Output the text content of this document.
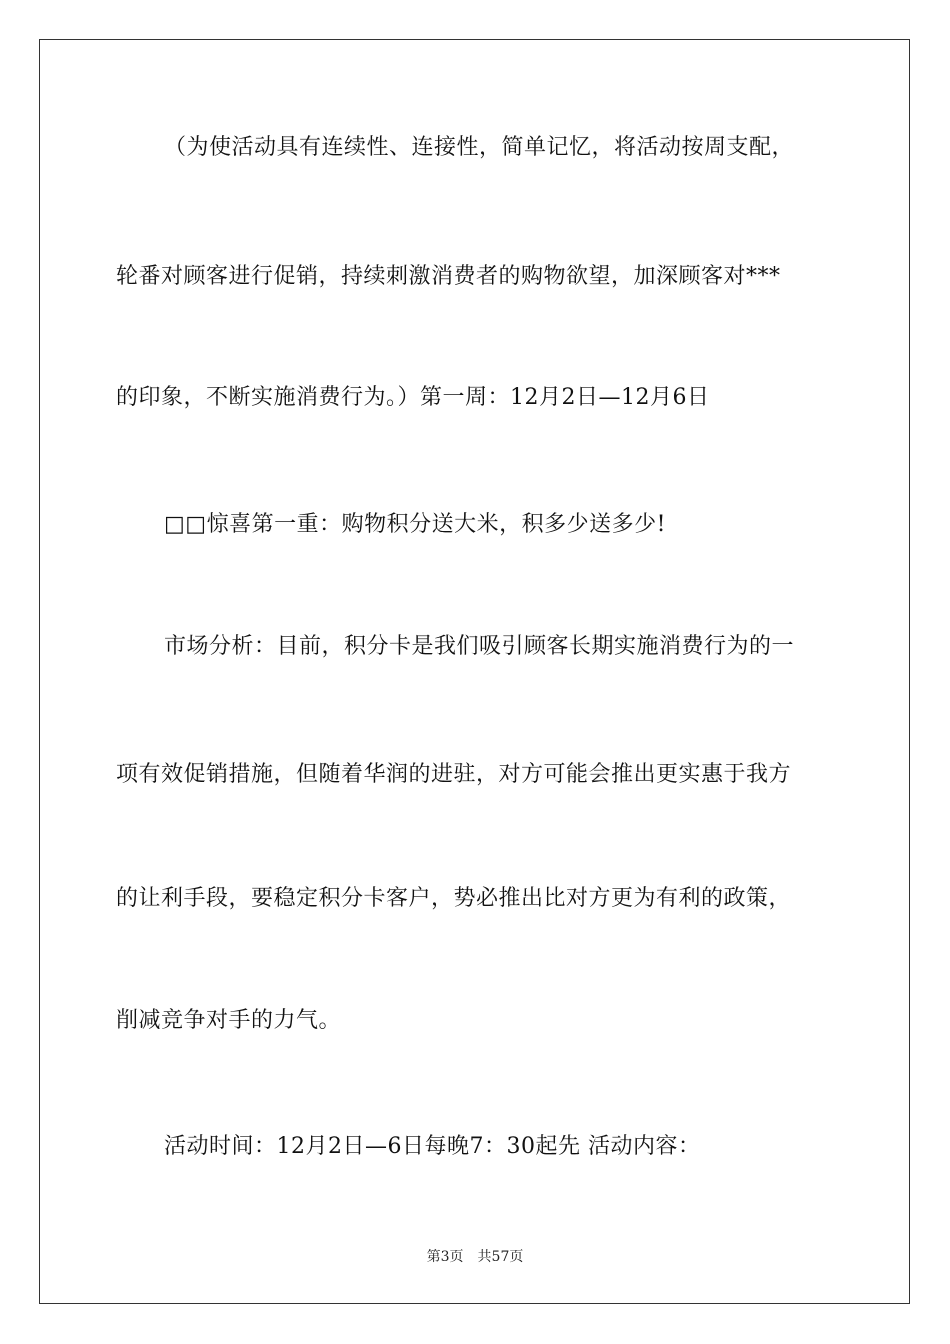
（为使活动具有连续性、连接性，简单记忆，将活动按周支配，
轮番对顾客进行促销，持续刺激消费者的购物欲望，加深顾客对***
的印象，不断实施消费行为。）第一周：12月2日—12月6日
□□惊喜第一重：购物积分送大米，积多少送多少!
市场分析：目前，积分卡是我们吸引顾客长期实施消费行为的一
项有效促销措施，但随着华润的进驻，对方可能会推出更实惠于我方
的让利手段，要稳定积分卡客户，势必推出比对方更为有利的政策，
削减竞争对手的力气。
活动时间：12月2日—6日每晚7：30起先 活动内容：
第3页 共57页
